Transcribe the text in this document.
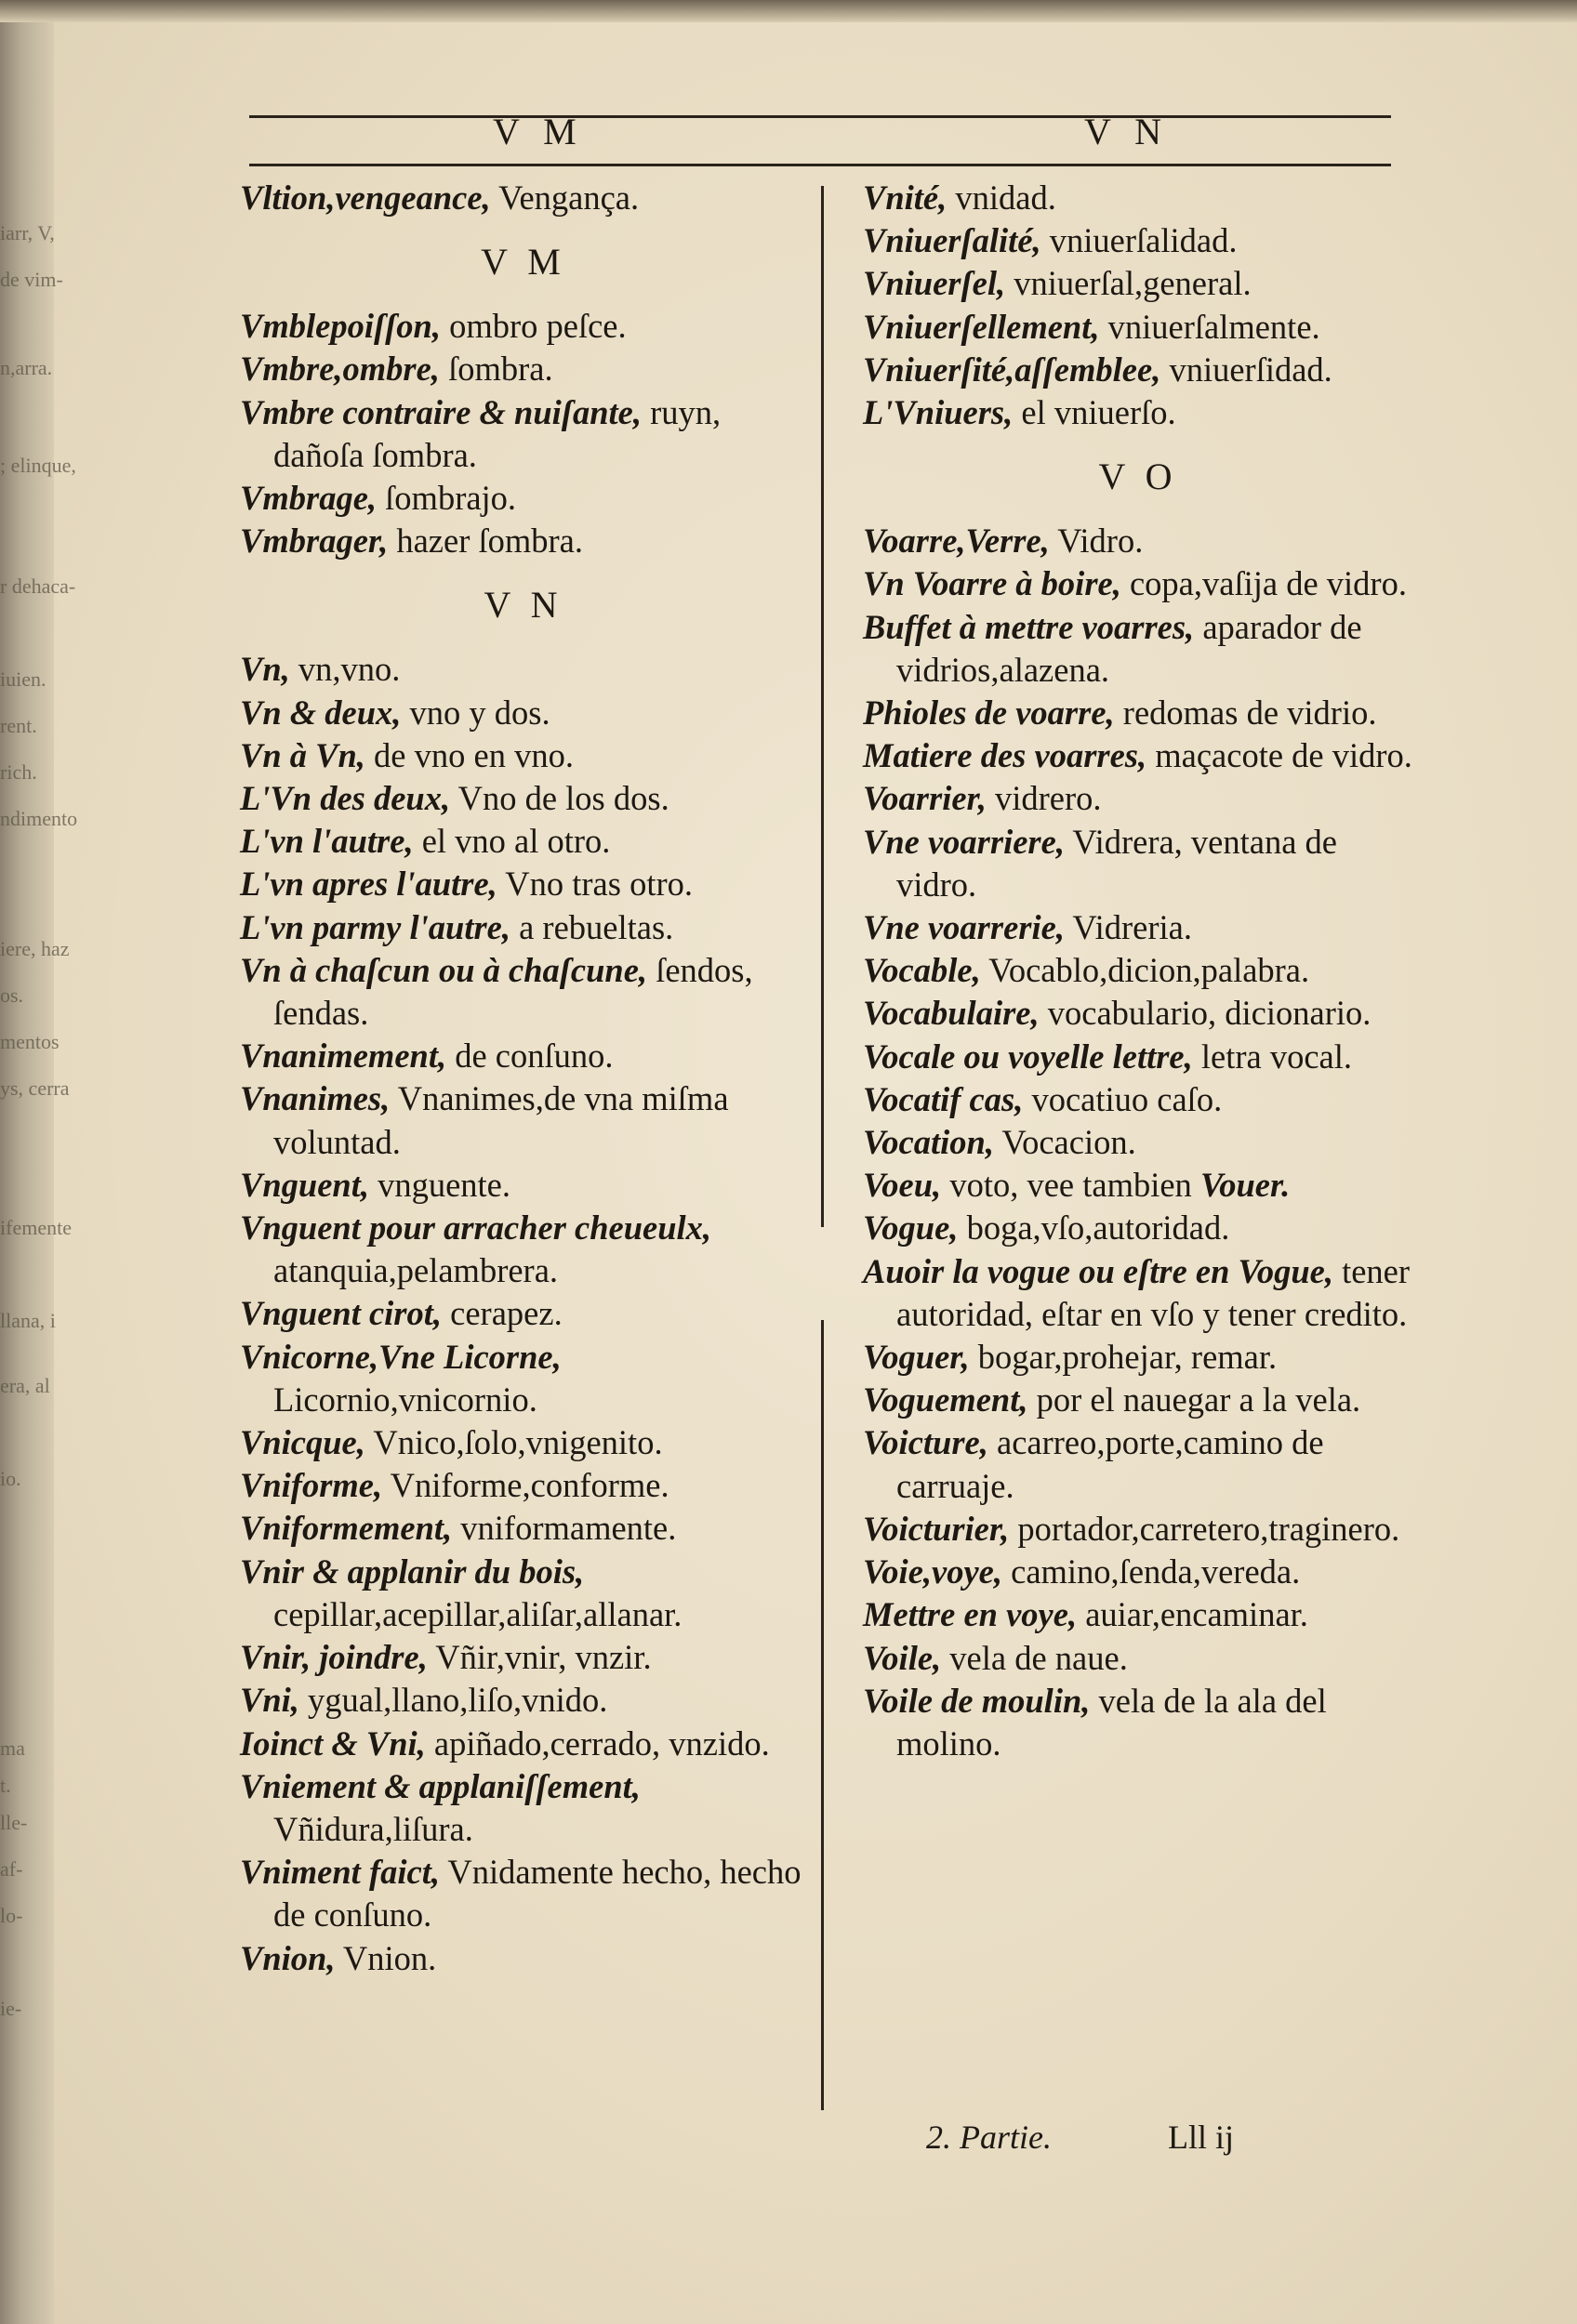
iarr, V,
de vim-
n,arra.
; elinque,
r dehaca-
iuien.
rent.
rich.
ndimento
iere, haz
os.
mentos
ys, cerra
ifemente
llana, i
era, al
io.
ma
t.
lle-
af-
lo-
ie-
V M	V N
Vltion,vengeance, Vengança.
V M
Vmblepoiſſon, ombro peſce.
Vmbre,ombre, ſombra.
Vmbre contraire & nuiſante, ruyn, dañoſa ſombra.
Vmbrage, ſombrajo.
Vmbrager, hazer ſombra.
V N
Vn, vn,vno.
Vn & deux, vno y dos.
Vn à Vn, de vno en vno.
L'Vn des deux, Vno de los dos.
L'vn l'autre, el vno al otro.
L'vn apres l'autre, Vno tras otro.
L'vn parmy l'autre, a rebueltas.
Vn à chaſcun ou à chaſcune, ſendos, ſendas.
Vnanimement, de conſuno.
Vnanimes, Vnanimes,de vna miſma voluntad.
Vnguent, vnguente.
Vnguent pour arracher cheueulx, atanquia,pelambrera.
Vnguent cirot, cerapez.
Vnicorne,Vne Licorne, Licornio,vnicornio.
Vnicque, Vnico,ſolo,vnigenito.
Vniforme, Vniforme,conforme.
Vniformement, vniformamente.
Vnir & applanir du bois, cepillar,acepillar,aliſar,allanar.
Vnir, joindre, Vñir,vnir, vnzir.
Vni, ygual,llano,liſo,vnido.
Ioinct & Vni, apiñado,cerrado, vnzido.
Vniement & applaniſſement, Vñidura,liſura.
Vniment faict, Vnidamente hecho, hecho de conſuno.
Vnion, Vnion.
Vnité, vnidad.
Vniuerſalité, vniuerſalidad.
Vniuerſel, vniuerſal,general.
Vniuerſellement, vniuerſalmente.
Vniuerſité,aſſemblee, vniuerſidad.
L'Vniuers, el vniuerſo.
V O
Voarre,Verre, Vidro.
Vn Voarre à boire, copa,vaſija de vidro.
Buffet à mettre voarres, aparador de vidrios,alazena.
Phioles de voarre, redomas de vidrio.
Matiere des voarres, maçacote de vidro.
Voarrier, vidrero.
Vne voarriere, Vidrera, ventana de vidro.
Vne voarrerie, Vidreria.
Vocable, Vocablo,dicion,palabra.
Vocabulaire, vocabulario, dicionario.
Vocale ou voyelle lettre, letra vocal.
Vocatif cas, vocatiuo caſo.
Vocation, Vocacion.
Voeu, voto, vee tambien Vouer.
Vogue, boga,vſo,autoridad.
Auoir la vogue ou eſtre en Vogue, tener autoridad, eſtar en vſo y tener credito.
Voguer, bogar,prohejar, remar.
Voguement, por el nauegar a la vela.
Voicture, acarreo,porte,camino de carruaje.
Voicturier, portador,carretero,traginero.
Voie,voye, camino,ſenda,vereda.
Mettre en voye, auiar,encaminar.
Voile, vela de naue.
Voile de moulin, vela de la ala del molino.
2. Partie.	Lll ij
